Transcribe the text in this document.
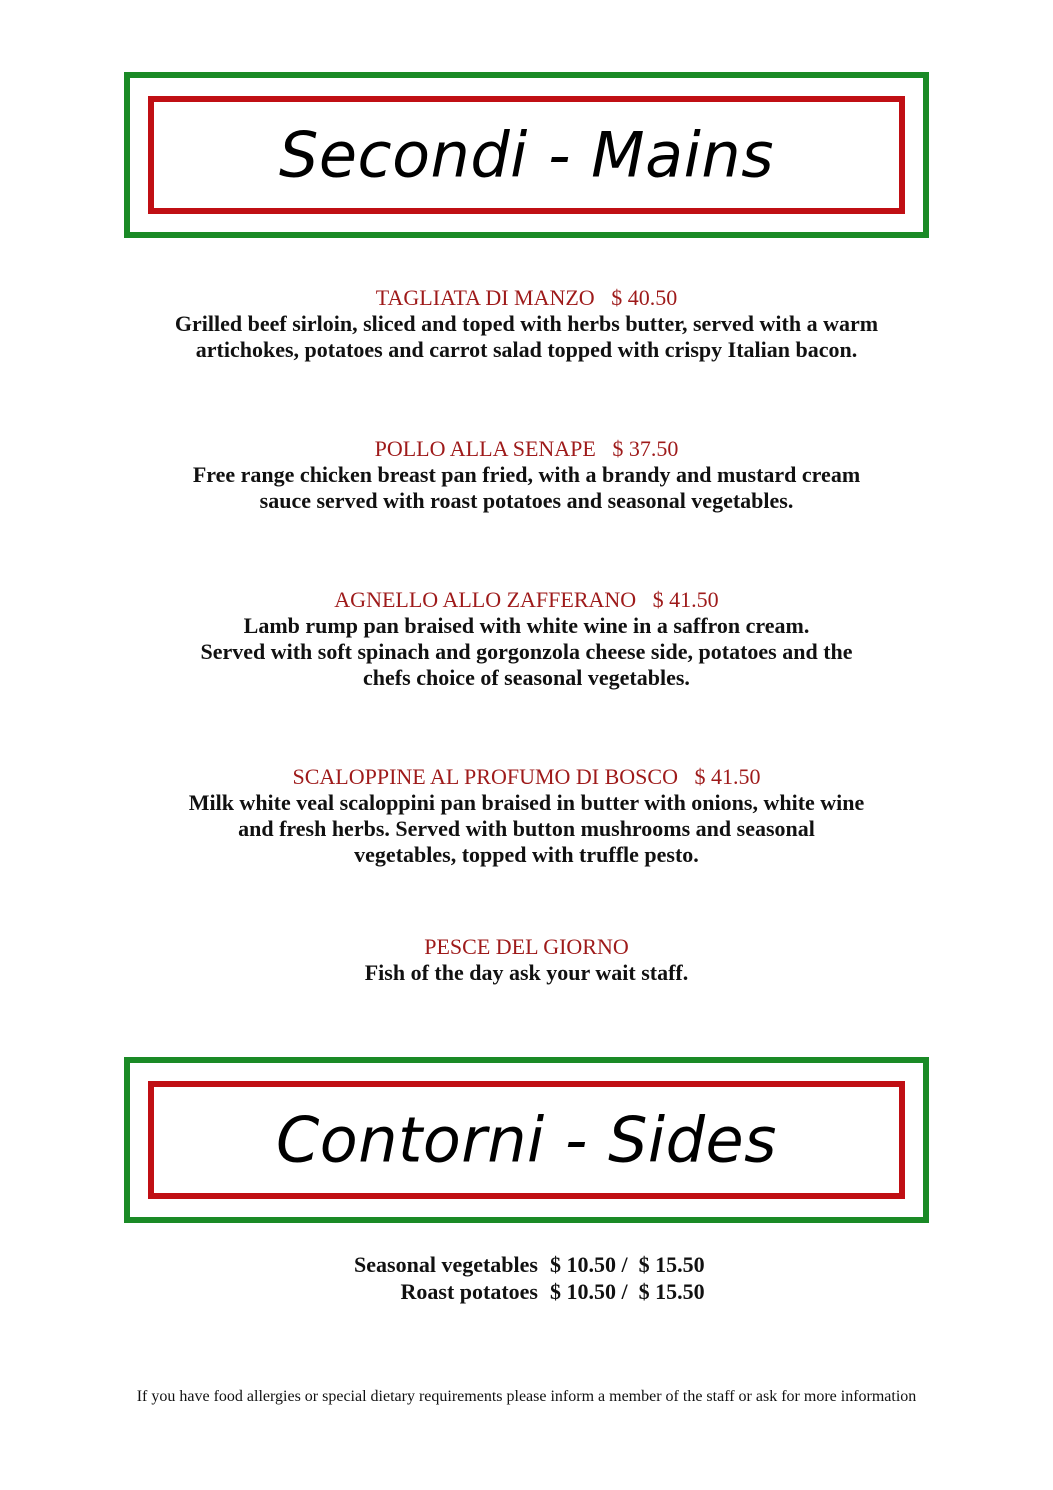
Secondi - Mains
TAGLIATA DI MANZO   $ 40.50
Grilled beef sirloin, sliced and toped with herbs butter, served with a warm
artichokes, potatoes and carrot salad topped with crispy Italian bacon.
POLLO ALLA SENAPE   $ 37.50
Free range chicken breast pan fried, with a brandy and mustard cream
sauce served with roast potatoes and seasonal vegetables.
AGNELLO ALLO ZAFFERANO   $ 41.50
Lamb rump pan braised with white wine in a saffron cream.
Served with soft spinach and gorgonzola cheese side, potatoes and the
chefs choice of seasonal vegetables.
SCALOPPINE AL PROFUMO DI BOSCO   $ 41.50
Milk white veal scaloppini pan braised in butter with onions, white wine
and fresh herbs. Served with button mushrooms and seasonal
vegetables, topped with truffle pesto.
PESCE DEL GIORNO
Fish of the day ask your wait staff.
Contorni - Sides
Seasonal vegetables $ 10.50 /  $ 15.50
Roast potatoes $ 10.50 /  $ 15.50
If you have food allergies or special dietary requirements please inform a member of the staff or ask for more information
